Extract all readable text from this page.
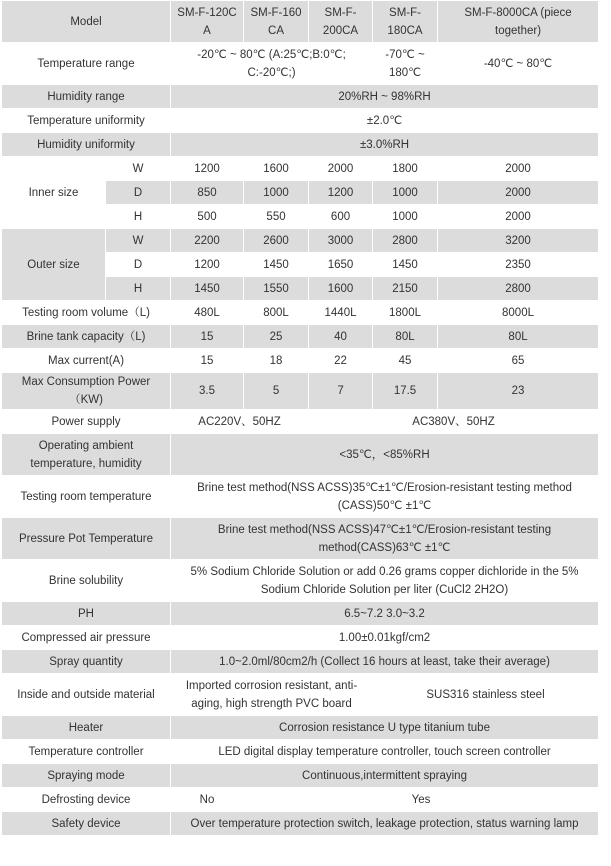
Model		SM-F-120C A	SM-F-160 CA	SM-F-200CA	SM-F-180CA	SM-F-8000CA (piece together)
Temperature range		-20℃ ~ 80℃ (A:25℃;B:0℃; C:-20℃;)			-70℃ ~ 180℃	-40℃ ~ 80℃
Humidity range		20%RH ~ 98%RH				
Temperature uniformity		±2.0℃				
Humidity uniformity		±3.0%RH				
Inner size	W	1200	1600	2000	1800	2000
	D	850	1000	1200	1000	2000
	H	500	550	600	1000	2000
Outer size	W	2200	2600	3000	2800	3200
	D	1200	1450	1650	1450	2350
	H	1450	1550	1600	2150	2800
Testing room volume（L)		480L	800L	1440L	1800L	8000L
Brine tank capacity（L)		15	25	40	80L	80L
Max current(A)		15	18	22	45	65
Max Consumption Power（KW)		3.5	5	7	17.5	23
Power supply		AC220V、50HZ		AC380V、50HZ		
Operating ambient temperature, humidity		<35℃，<85%RH				
Testing room temperature		Brine test method(NSS ACSS)35℃±1℃/Erosion-resistant testing method (CASS)50℃ ±1℃				
Pressure Pot Temperature		Brine test method(NSS ACSS)47℃±1℃/Erosion-resistant testing method(CASS)63℃ ±1℃				
Brine solubility		5% Sodium Chloride Solution or add 0.26 grams copper dichloride in the 5% Sodium Chloride Solution per liter (CuCl2 2H2O)				
PH		6.5~7.2 3.0~3.2				
Compressed air pressure		1.00±0.01kgf/cm2				
Spray quantity		1.0~2.0ml/80cm2/h (Collect 16 hours at least, take their average)				
Inside and outside material		Imported corrosion resistant, anti-aging, high strength PVC board			SUS316 stainless steel	
Heater		Corrosion resistance U type titanium tube				
Temperature controller		LED digital display temperature controller, touch screen controller				
Spraying mode		Continuous,intermittent spraying				
Defrosting device		No	Yes			
Safety device		Over temperature protection switch, leakage protection, status warning lamp				
